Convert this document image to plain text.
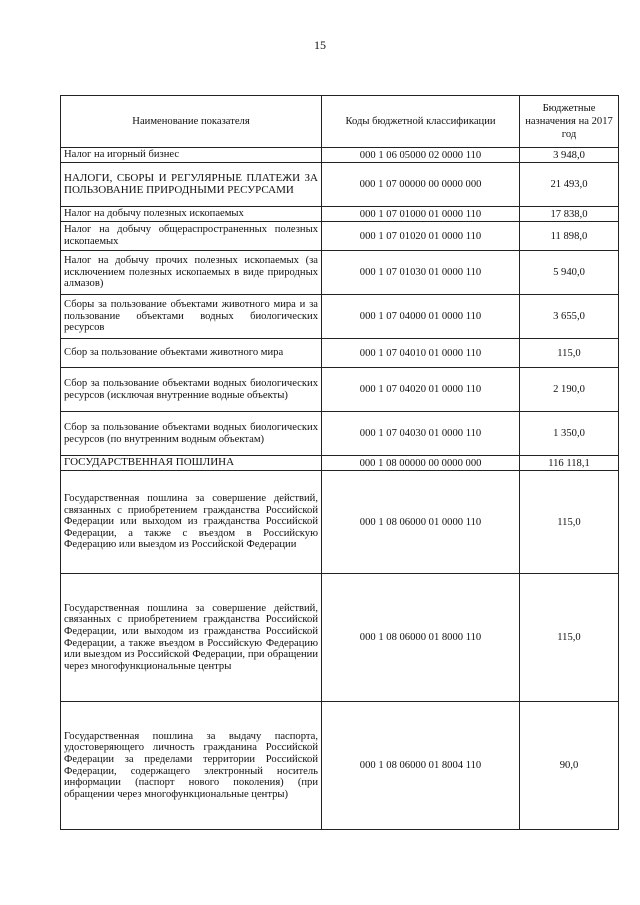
15
Наименование показателя	Коды бюджетной классификации	Бюджетные назначения на 2017 год
Налог на игорный бизнес	000 1 06 05000 02 0000 110	3 948,0
НАЛОГИ, СБОРЫ И РЕГУЛЯРНЫЕ ПЛАТЕЖИ ЗА ПОЛЬЗОВАНИЕ ПРИРОДНЫМИ РЕСУРСАМИ	000 1 07 00000 00 0000 000	21 493,0
Налог на добычу полезных ископаемых	000 1 07 01000 01 0000 110	17 838,0
Налог на добычу общераспространенных полезных ископаемых	000 1 07 01020 01 0000 110	11 898,0
Налог на добычу прочих полезных ископаемых (за исключением полезных ископаемых в виде природных алмазов)	000 1 07 01030 01 0000 110	5 940,0
Сборы за пользование объектами животного мира и за пользование объектами водных биологических ресурсов	000 1 07 04000 01 0000 110	3 655,0
Сбор за пользование объектами животного мира	000 1 07 04010 01 0000 110	115,0
Сбор за пользование объектами водных биологических ресурсов (исключая внутренние водные объекты)	000 1 07 04020 01 0000 110	2 190,0
Сбор за пользование объектами водных биологических ресурсов (по внутренним водным объектам)	000 1 07 04030 01 0000 110	1 350,0
ГОСУДАРСТВЕННАЯ ПОШЛИНА	000 1 08 00000 00 0000 000	116 118,1
Государственная пошлина за совершение действий, связанных с приобретением гражданства Российской Федерации или выходом из гражданства Российской Федерации, а также с въездом в Российскую Федерацию или выездом из Российской Федерации	000 1 08 06000 01 0000 110	115,0
Государственная пошлина за совершение действий, связанных с приобретением гражданства Российской Федерации, или выходом из гражданства Российской Федерации, а также въездом в Российскую Федерацию или выездом из Российской Федерации, при обращении через многофункциональные центры	000 1 08 06000 01 8000 110	115,0
Государственная пошлина за выдачу паспорта, удостоверяющего личность гражданина Российской Федерации за пределами территории Российской Федерации, содержащего электронный носитель информации (паспорт нового поколения) (при обращении через многофункциональные центры)	000 1 08 06000 01 8004 110	90,0
